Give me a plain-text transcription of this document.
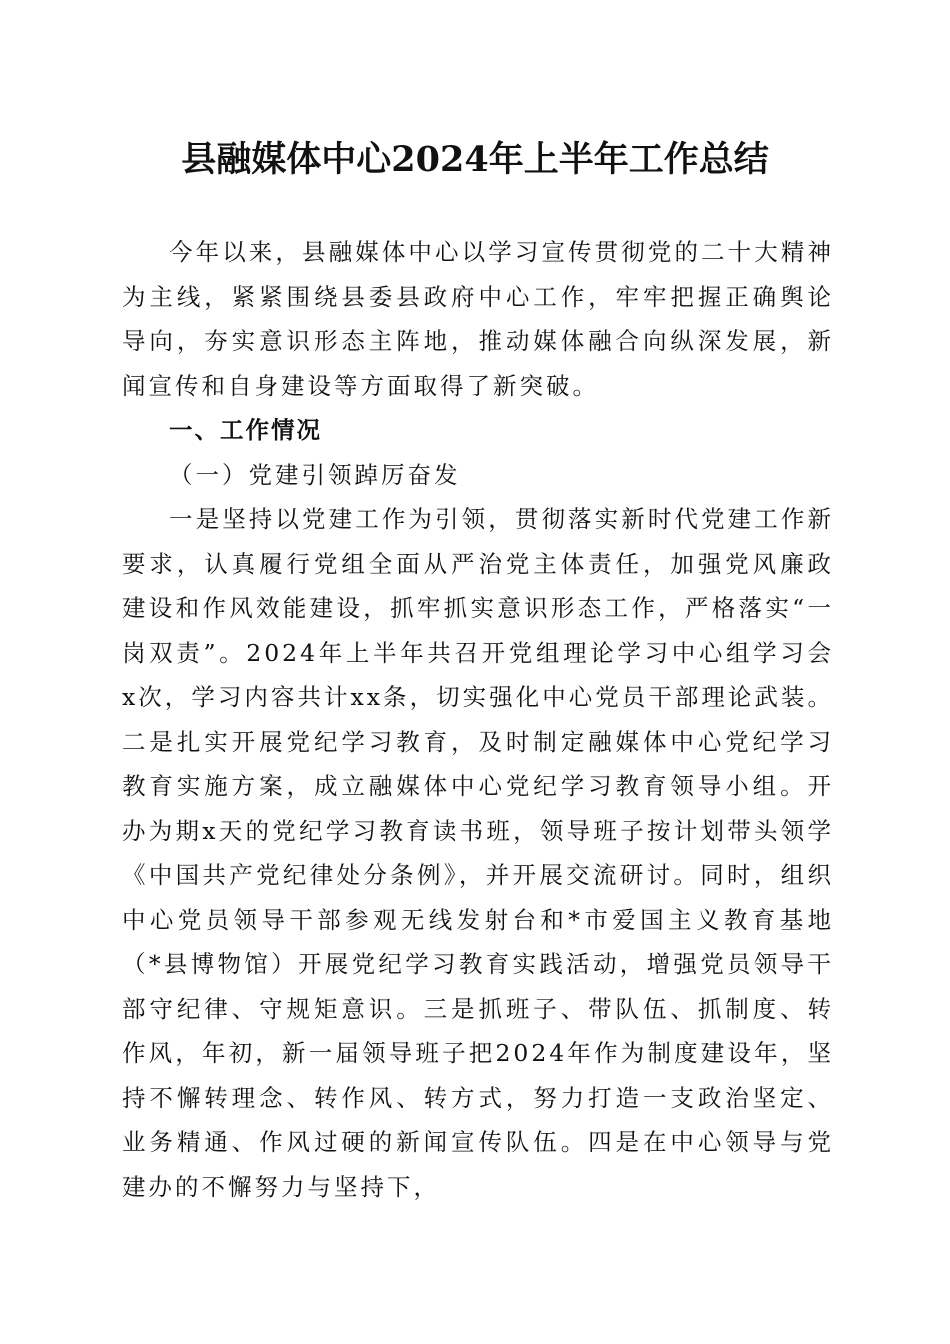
县融媒体中心2024年上半年工作总结

今年以来，县融媒体中心以学习宣传贯彻党的二十大精神为主线，紧紧围绕县委县政府中心工作，牢牢把握正确舆论导向，夯实意识形态主阵地，推动媒体融合向纵深发展，新闻宣传和自身建设等方面取得了新突破。

一、工作情况

（一）党建引领踔厉奋发

一是坚持以党建工作为引领，贯彻落实新时代党建工作新要求，认真履行党组全面从严治党主体责任，加强党风廉政建设和作风效能建设，抓牢抓实意识形态工作，严格落实“一岗双责”。2024年上半年共召开党组理论学习中心组学习会x次，学习内容共计xx条，切实强化中心党员干部理论武装。二是扎实开展党纪学习教育，及时制定融媒体中心党纪学习教育实施方案，成立融媒体中心党纪学习教育领导小组。开办为期x天的党纪学习教育读书班，领导班子按计划带头领学《中国共产党纪律处分条例》，并开展交流研讨。同时，组织中心党员领导干部参观无线发射台和*市爱国主义教育基地（*县博物馆）开展党纪学习教育实践活动，增强党员领导干部守纪律、守规矩意识。三是抓班子、带队伍、抓制度、转作风，年初，新一届领导班子把2024年作为制度建设年，坚持不懈转理念、转作风、转方式，努力打造一支政治坚定、业务精通、作风过硬的新闻宣传队伍。四是在中心领导与党建办的不懈努力与坚持下，
